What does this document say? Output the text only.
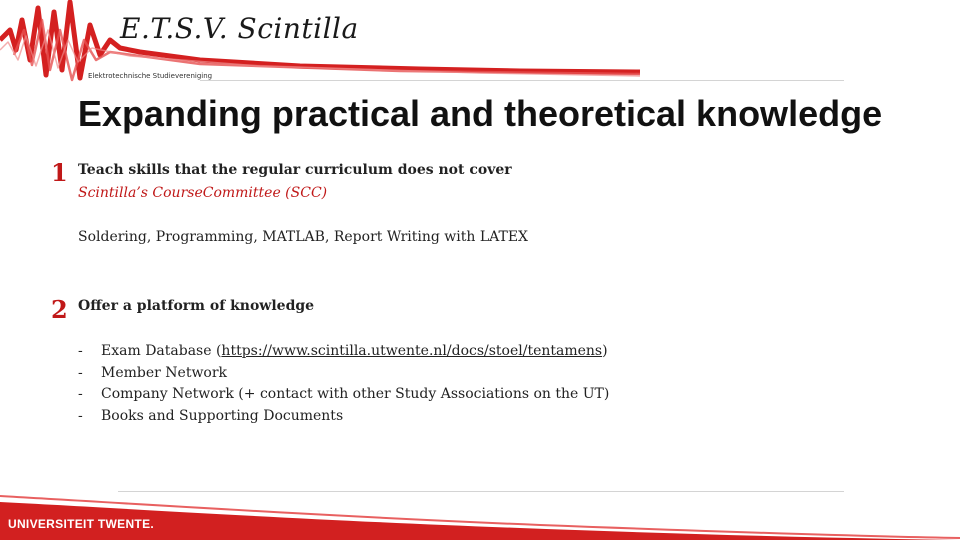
E.T.S.V. Scintilla
Elektrotechnische Studievereniging
Expanding practical and theoretical knowledge
1 Teach skills that the regular curriculum does not cover
Scintilla’s CourseCommittee (SCC)
Soldering, Programming, MATLAB, Report Writing with LATEX
2 Offer a platform of knowledge
- Exam Database (https://www.scintilla.utwente.nl/docs/stoel/tentamens)
- Member Network
- Company Network (+ contact with other Study Associations on the UT)
- Books and Supporting Documents
UNIVERSITEIT TWENTE.
